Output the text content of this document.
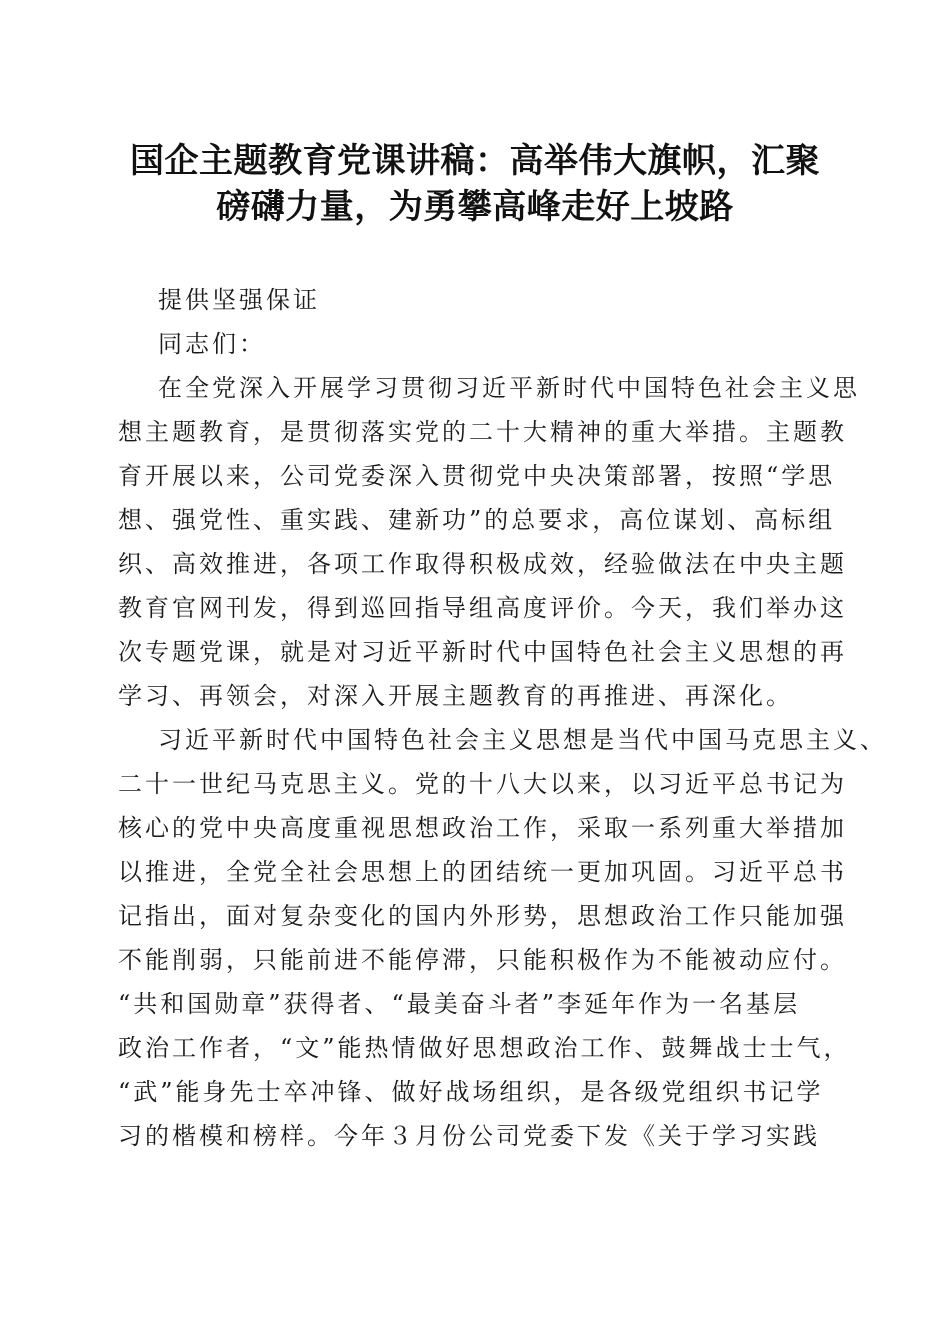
国企主题教育党课讲稿：高举伟大旗帜，汇聚
磅礴力量，为勇攀高峰走好上坡路
提供坚强保证
同志们：
在全党深入开展学习贯彻习近平新时代中国特色社会主义思
想主题教育，是贯彻落实党的二十大精神的重大举措。主题教
育开展以来，公司党委深入贯彻党中央决策部署，按照“学思
想、强党性、重实践、建新功”的总要求，高位谋划、高标组
织、高效推进，各项工作取得积极成效，经验做法在中央主题
教育官网刊发，得到巡回指导组高度评价。今天，我们举办这
次专题党课，就是对习近平新时代中国特色社会主义思想的再
学习、再领会，对深入开展主题教育的再推进、再深化。
习近平新时代中国特色社会主义思想是当代中国马克思主义、
二十一世纪马克思主义。党的十八大以来，以习近平总书记为
核心的党中央高度重视思想政治工作，采取一系列重大举措加
以推进，全党全社会思想上的团结统一更加巩固。习近平总书
记指出，面对复杂变化的国内外形势，思想政治工作只能加强
不能削弱，只能前进不能停滞，只能积极作为不能被动应付。
“共和国勋章”获得者、“最美奋斗者”李延年作为一名基层
政治工作者，“文”能热情做好思想政治工作、鼓舞战士士气，
“武”能身先士卒冲锋、做好战场组织，是各级党组织书记学
习的楷模和榜样。今年３月份公司党委下发《关于学习实践
